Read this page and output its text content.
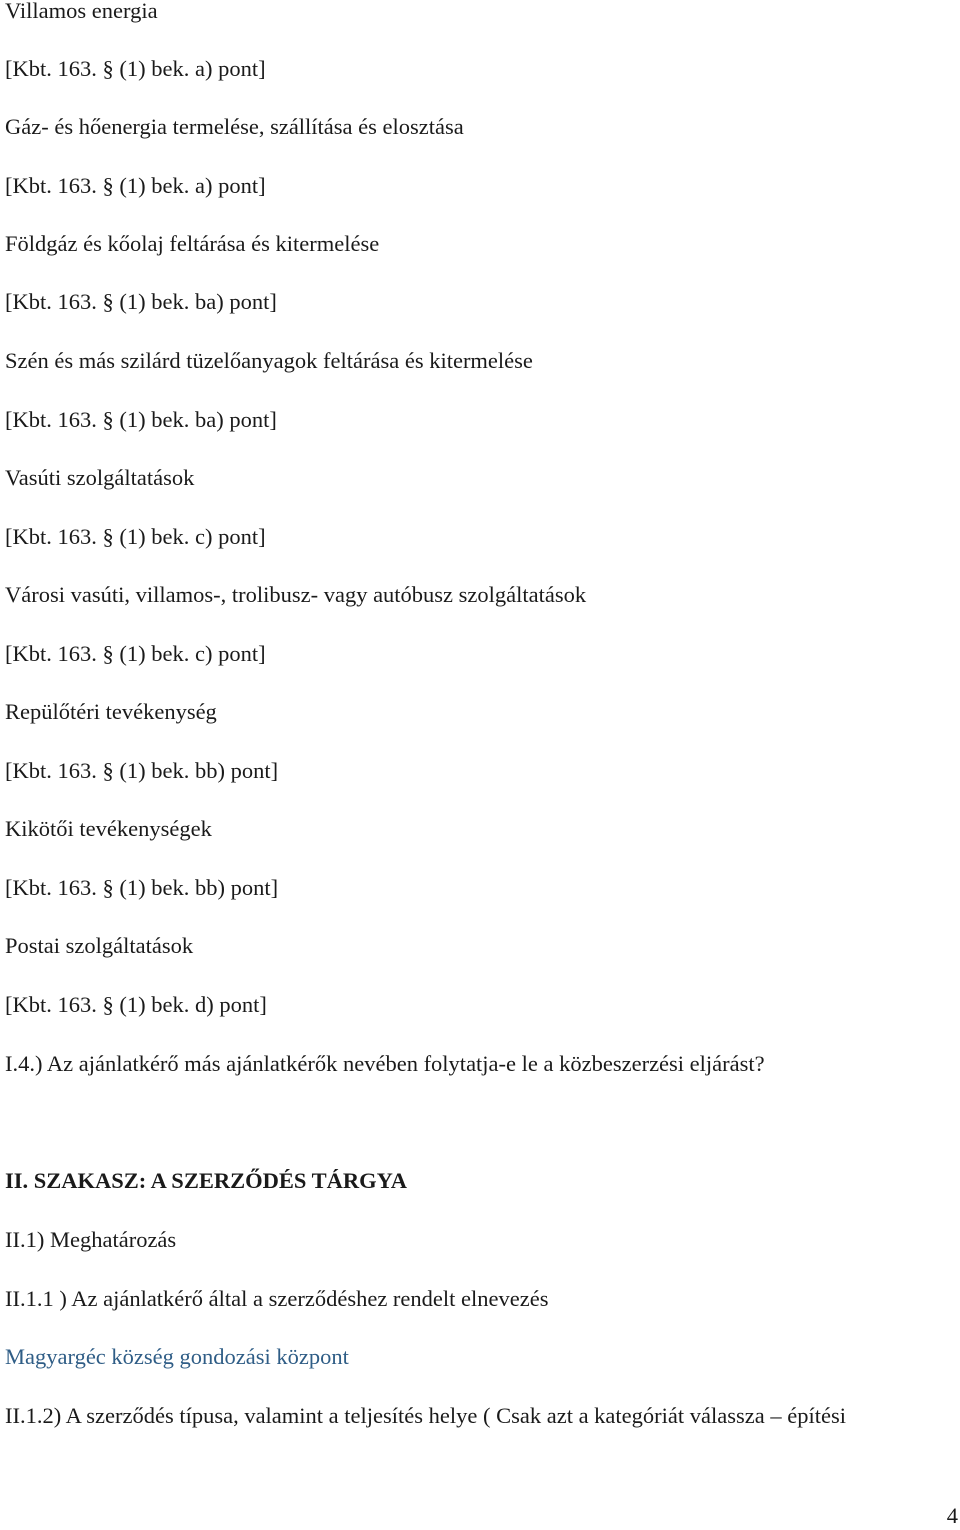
Villamos energia

[Kbt. 163. § (1) bek. a) pont]

Gáz- és hőenergia termelése, szállítása és elosztása

[Kbt. 163. § (1) bek. a) pont]

Földgáz és kőolaj feltárása és kitermelése

[Kbt. 163. § (1) bek. ba) pont]

Szén és más szilárd tüzelőanyagok feltárása és kitermelése

[Kbt. 163. § (1) bek. ba) pont]

Vasúti szolgáltatások

[Kbt. 163. § (1) bek. c) pont]

Városi vasúti, villamos-, trolibusz- vagy autóbusz szolgáltatások

[Kbt. 163. § (1) bek. c) pont]

Repülőtéri tevékenység

[Kbt. 163. § (1) bek. bb) pont]

Kikötői tevékenységek

[Kbt. 163. § (1) bek. bb) pont]

Postai szolgáltatások

[Kbt. 163. § (1) bek. d) pont]

I.4.) Az ajánlatkérő más ajánlatkérők nevében folytatja-e le a közbeszerzési eljárást?

II. SZAKASZ: A SZERZŐDÉS TÁRGYA

II.1) Meghatározás

II.1.1 ) Az ajánlatkérő által a szerződéshez rendelt elnevezés

Magyargéc község gondozási központ

II.1.2) A szerződés típusa, valamint a teljesítés helye ( Csak azt a kategóriát válassza – építési

4
